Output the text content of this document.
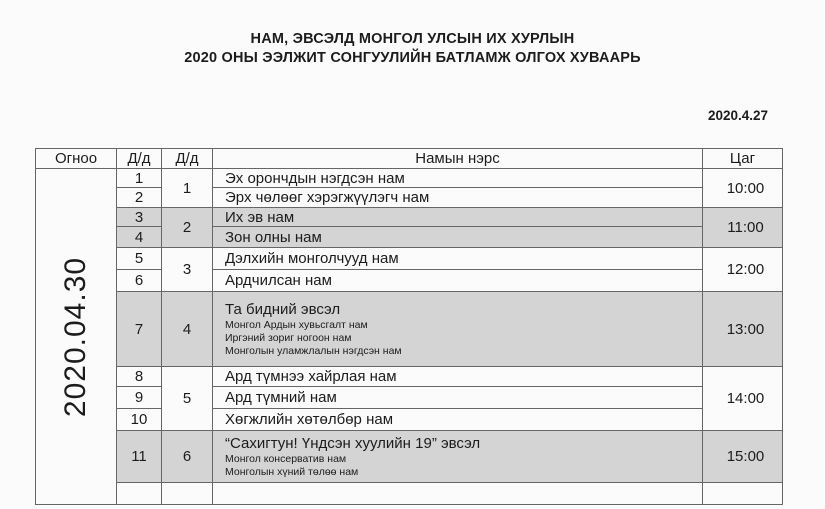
НАМ, ЭВСЭЛД МОНГОЛ УЛСЫН ИХ ХУРЛЫН
2020 ОНЫ ЭЭЛЖИТ СОНГУУЛИЙН БАТЛАМЖ ОЛГОХ ХУВААРЬ
2020.4.27
Огноо	Д/д	Д/д	Намын нэрс	Цаг

2020.04.30	1	1	Эх орончдын нэгдсэн нам	10:00
	2		Эрх чөлөөг хэрэгжүүлэгч нам	
	3	2	Их эв нам	11:00
	4		Зон олны нам	
	5	3	Дэлхийн монголчууд нам	12:00
	6		Ардчилсан нам	
	7	4	Та бидний эвсэл
Монгол Ардын хувьсгалт нам
Иргэний зориг ногоон нам
Монголын уламжлалын нэгдсэн нам	13:00
	8	5	Ард түмнээ хайрлая нам	14:00
	9		Ард түмний нам	
	10		Хөгжлийн хөтөлбөр нам	
	11	6	“Сахигтун! Үндсэн хуулийн 19” эвсэл
Монгол консерватив нам
Монголын хүний төлөө нам	15:00
